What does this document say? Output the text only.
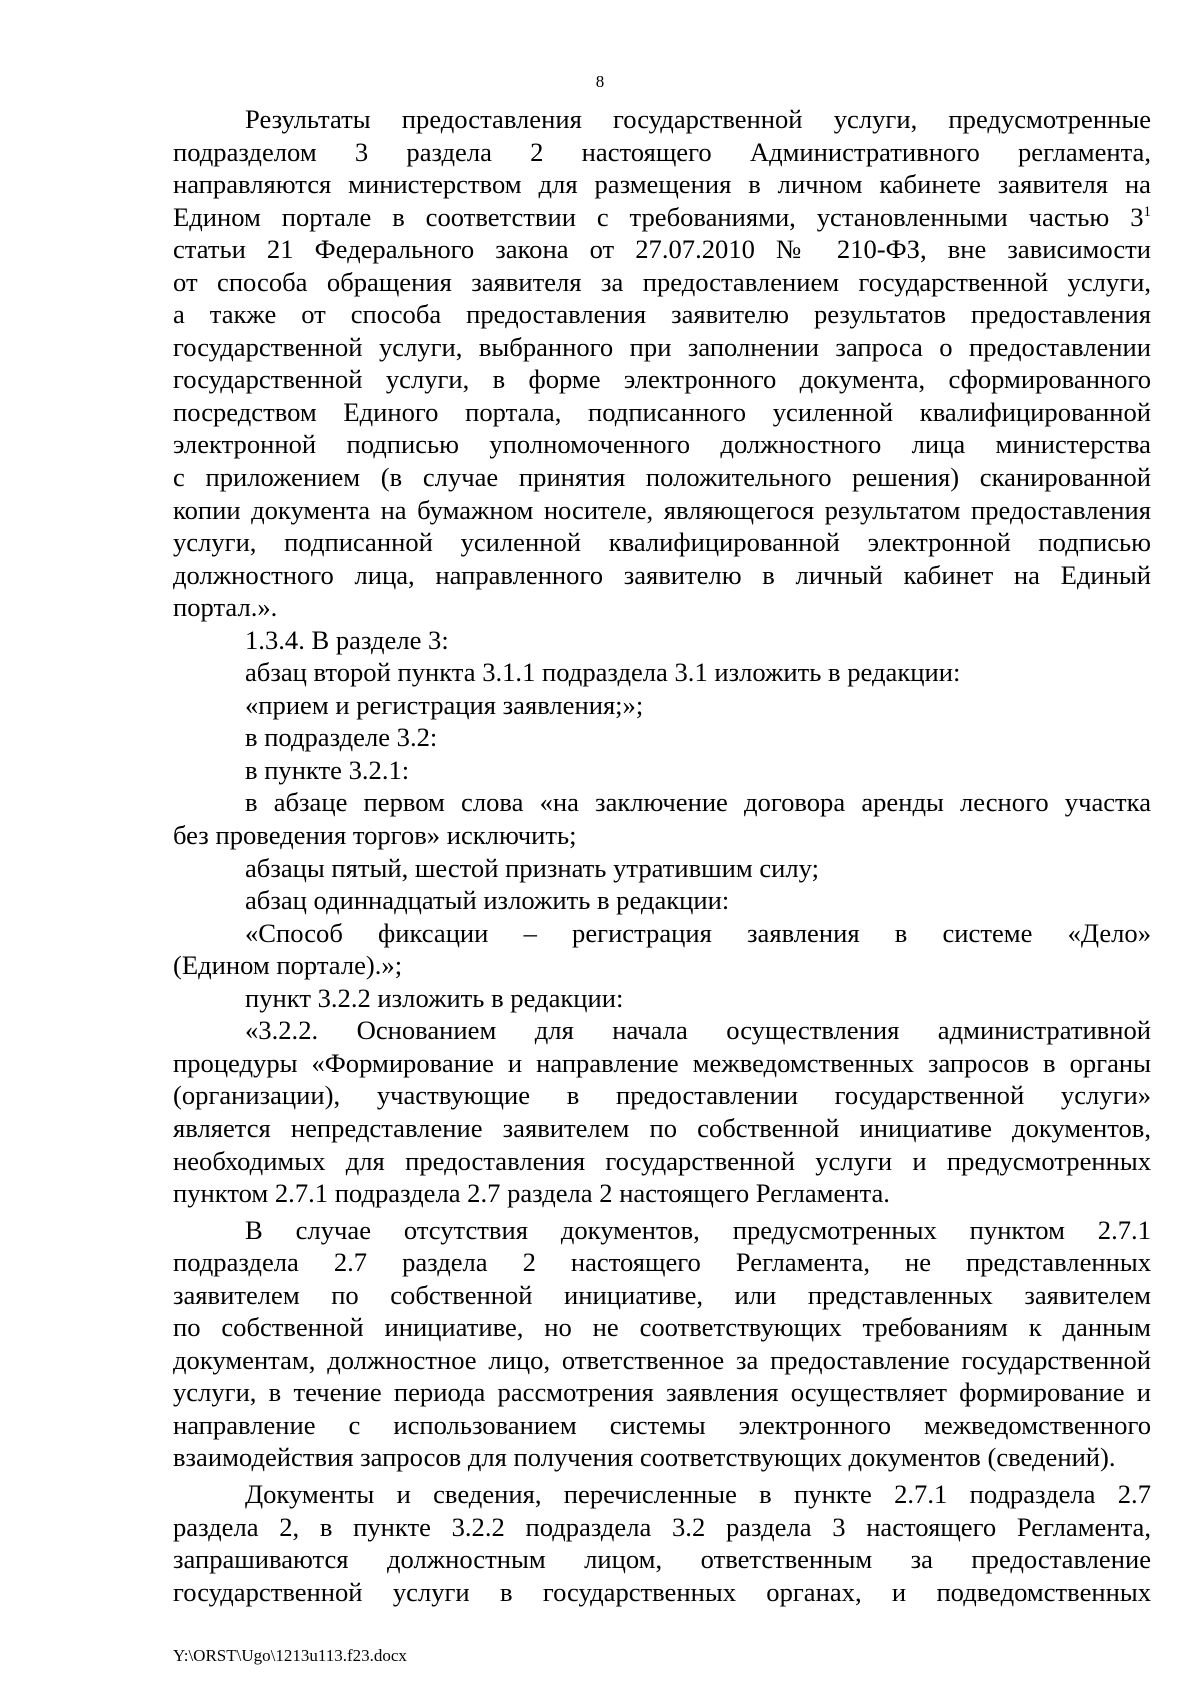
8
Результаты предоставления государственной услуги, предусмотренные
подразделом 3 раздела 2 настоящего Административного регламента,
направляются министерством для размещения в личном кабинете заявителя на
Едином портале в соответствии с требованиями, установленными частью $3^1$
статьи 21 Федерального закона от 27.07.2010 № 210-ФЗ, вне зависимости
от способа обращения заявителя за предоставлением государственной услуги,
а также от способа предоставления заявителю результатов предоставления
государственной услуги, выбранного при заполнении запроса о предоставлении
государственной услуги, в форме электронного документа, сформированного
посредством Единого портала, подписанного усиленной квалифицированной
электронной подписью уполномоченного должностного лица министерства
с приложением (в случае принятия положительного решения) сканированной
копии документа на бумажном носителе, являющегося результатом предоставления
услуги, подписанной усиленной квалифицированной электронной подписью
должностного лица, направленного заявителю в личный кабинет на Единый
портал.».
1.3.4. В разделе 3:
абзац второй пункта 3.1.1 подраздела 3.1 изложить в редакции:
«прием и регистрация заявления;»;
в подразделе 3.2:
в пункте 3.2.1:
в абзаце первом слова «на заключение договора аренды лесного участка
без проведения торгов» исключить;
абзацы пятый, шестой признать утратившим силу;
абзац одиннадцатый изложить в редакции:
«Способ фиксации – регистрация заявления в системе «Дело»
(Едином портале).»;
пункт 3.2.2 изложить в редакции:
«3.2.2. Основанием для начала осуществления административной
процедуры «Формирование и направление межведомственных запросов в органы
(организации), участвующие в предоставлении государственной услуги»
является непредставление заявителем по собственной инициативе документов,
необходимых для предоставления государственной услуги и предусмотренных
пунктом 2.7.1 подраздела 2.7 раздела 2 настоящего Регламента.
В случае отсутствия документов, предусмотренных пунктом 2.7.1
подраздела 2.7 раздела 2 настоящего Регламента, не представленных
заявителем по собственной инициативе, или представленных заявителем
по собственной инициативе, но не соответствующих требованиям к данным
документам, должностное лицо, ответственное за предоставление государственной
услуги, в течение периода рассмотрения заявления осуществляет формирование и
направление с использованием системы электронного межведомственного
взаимодействия запросов для получения соответствующих документов (сведений).
Документы и сведения, перечисленные в пункте 2.7.1 подраздела 2.7
раздела 2, в пункте 3.2.2 подраздела 3.2 раздела 3 настоящего Регламента,
запрашиваются должностным лицом, ответственным за предоставление
государственной услуги в государственных органах, и подведомственных
Y:\ORST\Ugo\1213u113.f23.docx
